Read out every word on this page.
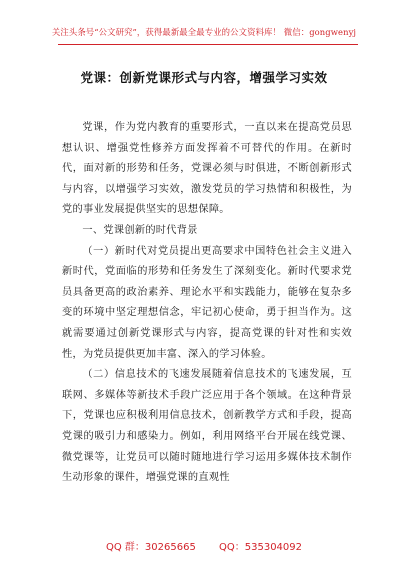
关注头条号“公文研究”，获得最新最全最专业的公文资料库！ 微信：gongwenyj
党课：创新党课形式与内容，增强学习实效

党课，作为党内教育的重要形式，一直以来在提高党员思想认识、增强党性修养方面发挥着不可替代的作用。在新时代，面对新的形势和任务，党课必须与时俱进，不断创新形式与内容，以增强学习实效，激发党员的学习热情和积极性，为党的事业发展提供坚实的思想保障。

一、党课创新的时代背景

（一）新时代对党员提出更高要求中国特色社会主义进入新时代，党面临的形势和任务发生了深刻变化。新时代要求党员具备更高的政治素养、理论水平和实践能力，能够在复杂多变的环境中坚定理想信念，牢记初心使命，勇于担当作为。这就需要通过创新党课形式与内容，提高党课的针对性和实效性，为党员提供更加丰富、深入的学习体验。

（二）信息技术的飞速发展随着信息技术的飞速发展，互联网、多媒体等新技术手段广泛应用于各个领域。在这种背景下，党课也应积极利用信息技术，创新教学方式和手段，提高党课的吸引力和感染力。例如，利用网络平台开展在线党课、微党课等，让党员可以随时随地进行学习运用多媒体技术制作生动形象的课件，增强党课的直观性

QQ 群：30265665 QQ：535304092
